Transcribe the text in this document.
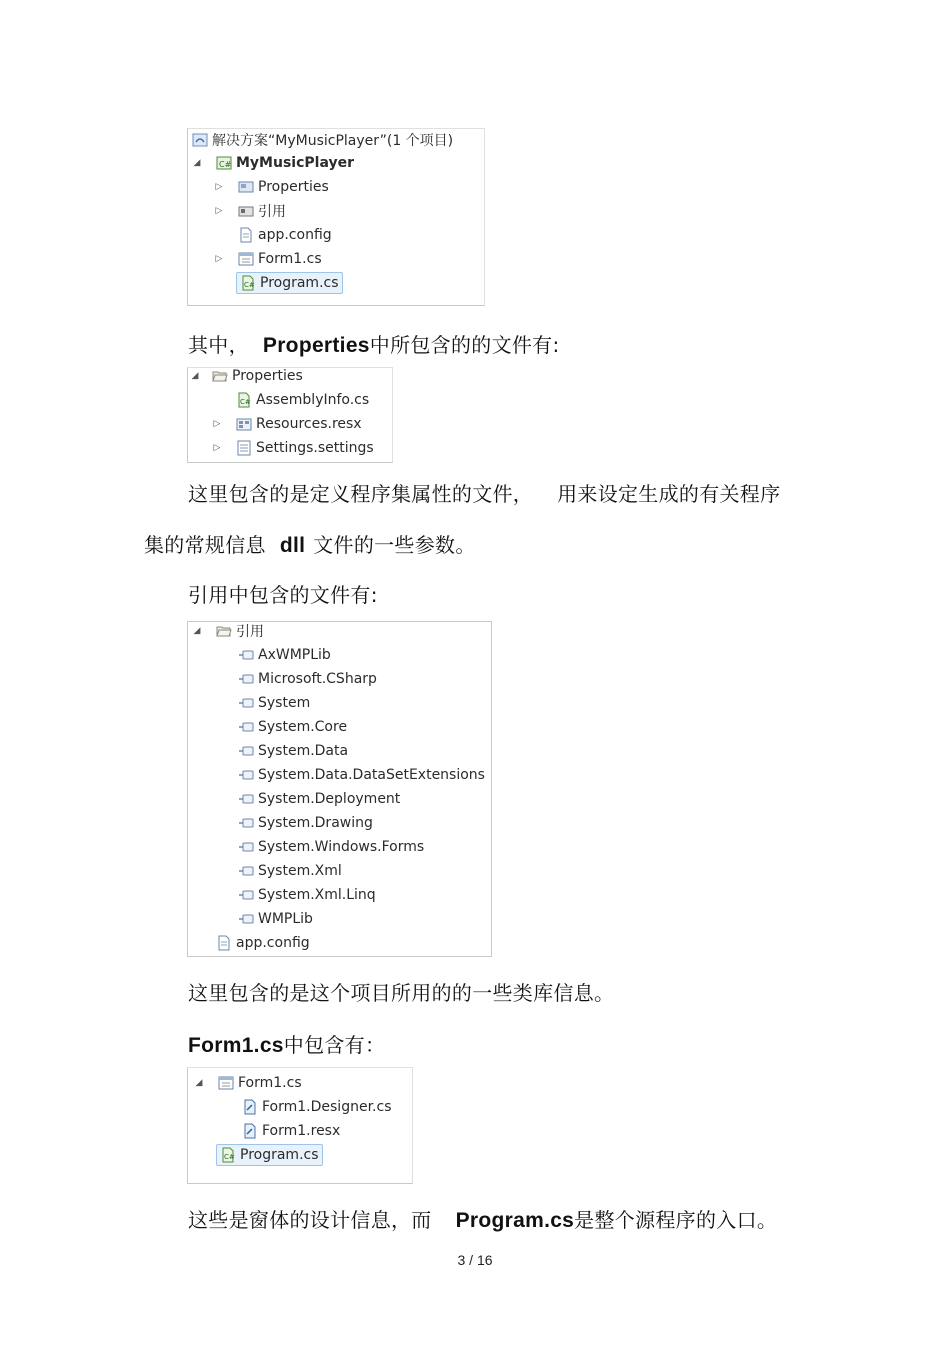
解决方案“MyMusicPlayer”(1 个项目)
◢ C# MyMusicPlayer
▷	Properties
▷	引用
app.config
▷	Form1.cs
C# Program.cs
其中， Properties中所包含的的文件有:
◢ Properties
C# AssemblyInfo.cs
▷	Resources.resx
▷	Settings.settings
这里包含的是定义程序集属性的文件， 用来设定生成的有关程序
集的常规信息 dll 文件的一些参数。
引用中包含的文件有:
◢	引用
AxWMPLib
Microsoft.CSharp
System
System.Core
System.Data
System.Data.DataSetExtensions
System.Deployment
System.Drawing
System.Windows.Forms
System.Xml
System.Xml.Linq
WMPLib
app.config
这里包含的是这个项目所用的的一些类库信息。
Form1.cs中包含有：
◢	Form1.cs
Form1.Designer.cs
Form1.resx
C# Program.cs
这些是窗体的设计信息，而 Program.cs是整个源程序的入口。
3 / 16
